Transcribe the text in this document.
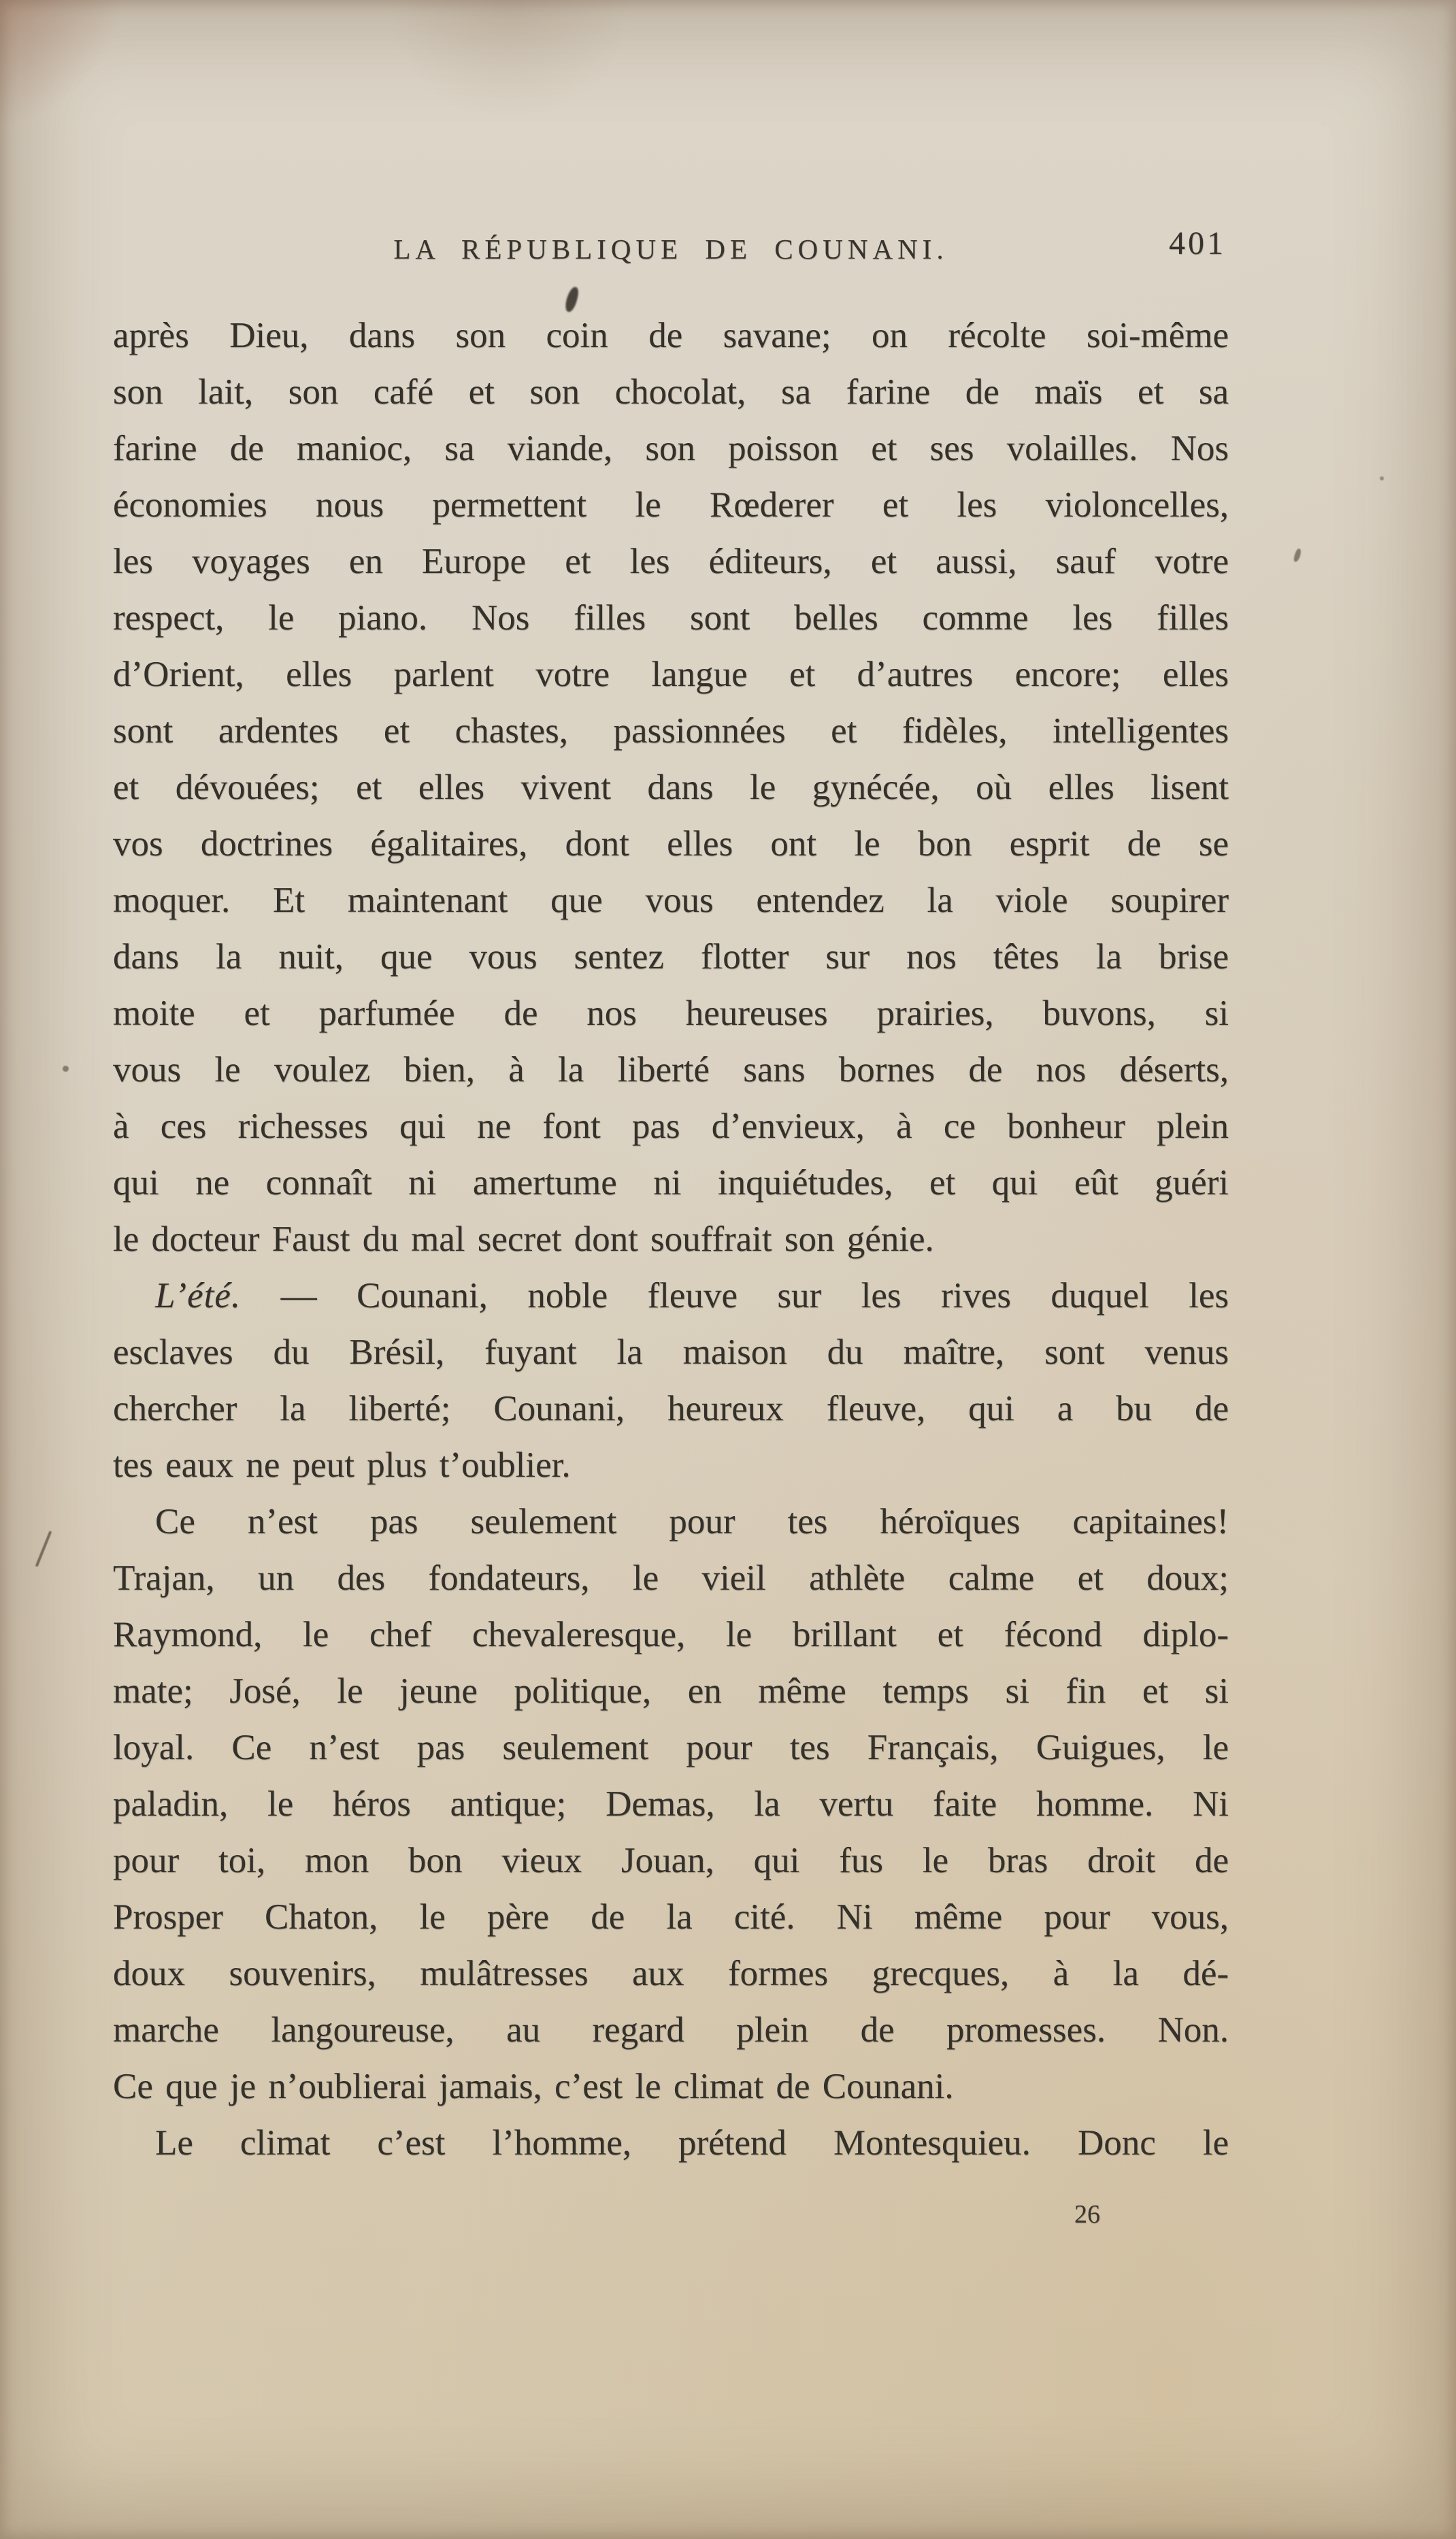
LA RÉPUBLIQUE DE COUNANI.	401
après Dieu, dans son coin de savane; on récolte soi-même
son lait, son café et son chocolat, sa farine de maïs et sa
farine de manioc, sa viande, son poisson et ses volailles. Nos
économies nous permettent le Rœderer et les violoncelles,
les voyages en Europe et les éditeurs, et aussi, sauf votre
respect, le piano. Nos filles sont belles comme les filles
d’Orient, elles parlent votre langue et d’autres encore; elles
sont ardentes et chastes, passionnées et fidèles, intelligentes
et dévouées; et elles vivent dans le gynécée, où elles lisent
vos doctrines égalitaires, dont elles ont le bon esprit de se
moquer. Et maintenant que vous entendez la viole soupirer
dans la nuit, que vous sentez flotter sur nos têtes la brise
moite et parfumée de nos heureuses prairies, buvons, si
vous le voulez bien, à la liberté sans bornes de nos déserts,
à ces richesses qui ne font pas d’envieux, à ce bonheur plein
qui ne connaît ni amertume ni inquiétudes, et qui eût guéri
le docteur Faust du mal secret dont souffrait son génie.
L’été. — Counani, noble fleuve sur les rives duquel les
esclaves du Brésil, fuyant la maison du maître, sont venus
chercher la liberté; Counani, heureux fleuve, qui a bu de
tes eaux ne peut plus t’oublier.
Ce n’est pas seulement pour tes héroïques capitaines!
Trajan, un des fondateurs, le vieil athlète calme et doux;
Raymond, le chef chevaleresque, le brillant et fécond diplo-
mate; José, le jeune politique, en même temps si fin et si
loyal. Ce n’est pas seulement pour tes Français, Guigues, le
paladin, le héros antique; Demas, la vertu faite homme. Ni
pour toi, mon bon vieux Jouan, qui fus le bras droit de
Prosper Chaton, le père de la cité. Ni même pour vous,
doux souvenirs, mulâtresses aux formes grecques, à la dé-
marche langoureuse, au regard plein de promesses. Non.
Ce que je n’oublierai jamais, c’est le climat de Counani.
Le climat c’est l’homme, prétend Montesquieu. Donc le
26
